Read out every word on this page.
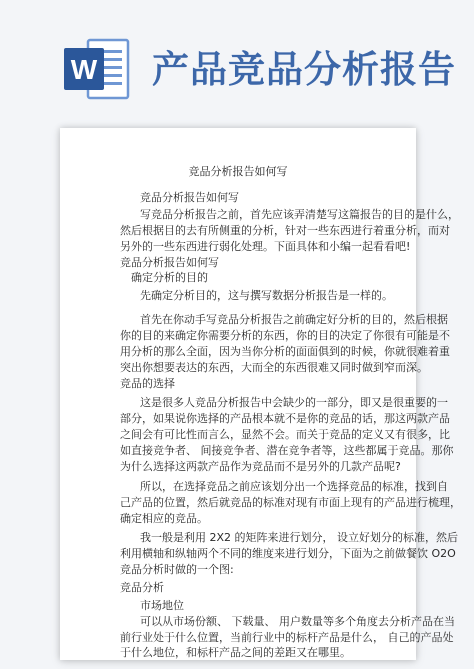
W 产品竞品分析报告
竞品分析报告如何写
竞品分析报告如何写
写竞品分析报告之前，首先应该弄清楚写这篇报告的目的是什么，
然后根据目的去有所侧重的分析，针对一些东西进行着重分析，而对
另外的一些东西进行弱化处理。下面具体和小编一起看看吧!
竞品分析报告如何写
确定分析的目的
先确定分析目的，这与撰写数据分析报告是一样的。
首先在你动手写竞品分析报告之前确定好分析的目的，然后根据
你的目的来确定你需要分析的东西，你的目的决定了你很有可能是不
用分析的那么全面，因为当你分析的面面俱到的时候，你就很难着重
突出你想要表达的东西，大而全的东西很难又同时做到窄而深。
竞品的选择
这是很多人竞品分析报告中会缺少的一部分，即又是很重要的一
部分，如果说你选择的产品根本就不是你的竞品的话，那这两款产品
之间会有可比性而言么，显然不会。而关于竞品的定义又有很多，比
如直接竞争者、 间接竞争者、潜在竞争者等，这些都属于竞品。那你
为什么选择这两款产品作为竞品而不是另外的几款产品呢?
所以，在选择竞品之前应该划分出一个选择竞品的标准，找到自
己产品的位置，然后就竞品的标准对现有市面上现有的产品进行梳理，
确定相应的竞品。
我一般是利用 2X2 的矩阵来进行划分， 设立好划分的标准，然后
利用横轴和纵轴两个不同的维度来进行划分，下面为之前做餐饮 O2O
竞品分析时做的一个图:
竞品分析
市场地位
可以从市场份额、 下载量、 用户数量等多个角度去分析产品在当
前行业处于什么位置，当前行业中的标杆产品是什么， 自己的产品处
于什么地位，和标杆产品之间的差距又在哪里。
